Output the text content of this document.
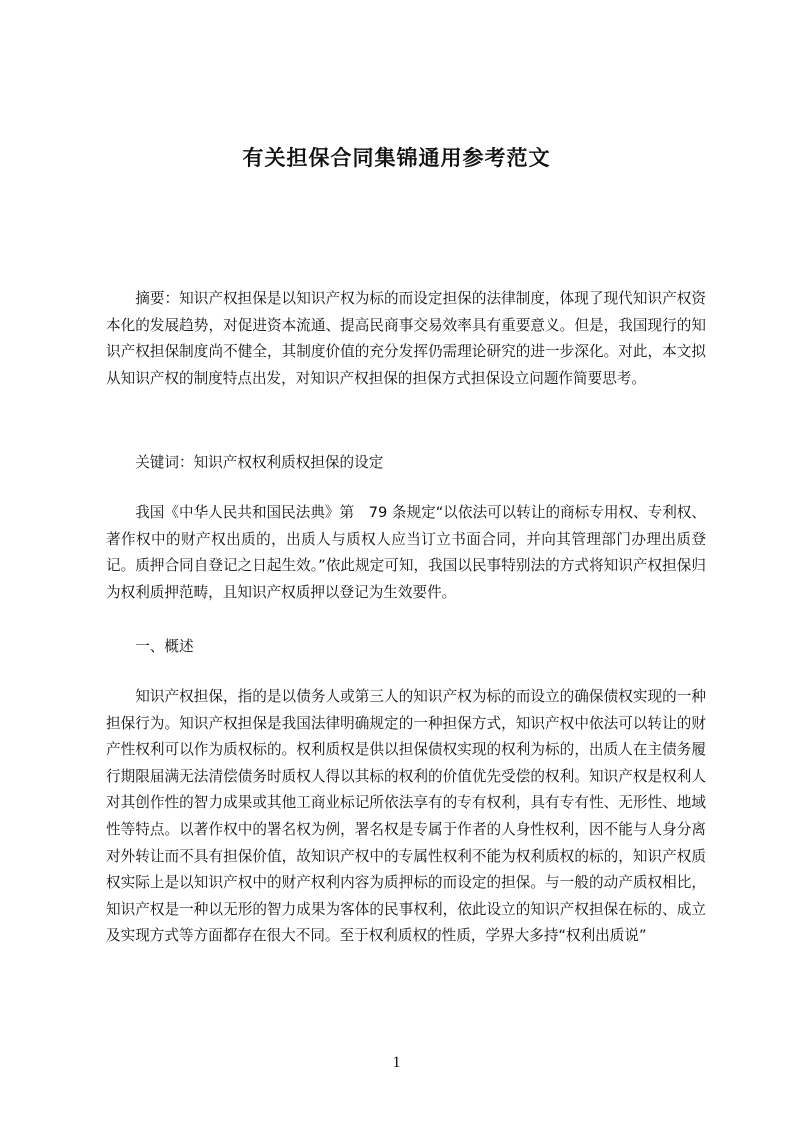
有关担保合同集锦通用参考范文

摘要：知识产权担保是以知识产权为标的而设定担保的法律制度，体现了现代知识产权资本化的发展趋势，对促进资本流通、提高民商事交易效率具有重要意义。但是，我国现行的知识产权担保制度尚不健全，其制度价值的充分发挥仍需理论研究的进一步深化。对此，本文拟从知识产权的制度特点出发，对知识产权担保的担保方式担保设立问题作简要思考。

关键词：知识产权权利质权担保的设定

我国《中华人民共和国民法典》第　79 条规定“以依法可以转让的商标专用权、专利权、著作权中的财产权出质的，出质人与质权人应当订立书面合同，并向其管理部门办理出质登记。质押合同自登记之日起生效。”依此规定可知，我国以民事特别法的方式将知识产权担保归为权利质押范畴，且知识产权质押以登记为生效要件。

一、概述

知识产权担保，指的是以债务人或第三人的知识产权为标的而设立的确保债权实现的一种担保行为。知识产权担保是我国法律明确规定的一种担保方式，知识产权中依法可以转让的财产性权利可以作为质权标的。权利质权是供以担保债权实现的权利为标的，出质人在主债务履行期限届满无法清偿债务时质权人得以其标的权利的价值优先受偿的权利。知识产权是权利人对其创作性的智力成果或其他工商业标记所依法享有的专有权利，具有专有性、无形性、地域性等特点。以著作权中的署名权为例，署名权是专属于作者的人身性权利，因不能与人身分离对外转让而不具有担保价值，故知识产权中的专属性权利不能为权利质权的标的，知识产权质权实际上是以知识产权中的财产权利内容为质押标的而设定的担保。与一般的动产质权相比，知识产权是一种以无形的智力成果为客体的民事权利，依此设立的知识产权担保在标的、成立及实现方式等方面都存在很大不同。至于权利质权的性质，学界大多持“权利出质说”

1
